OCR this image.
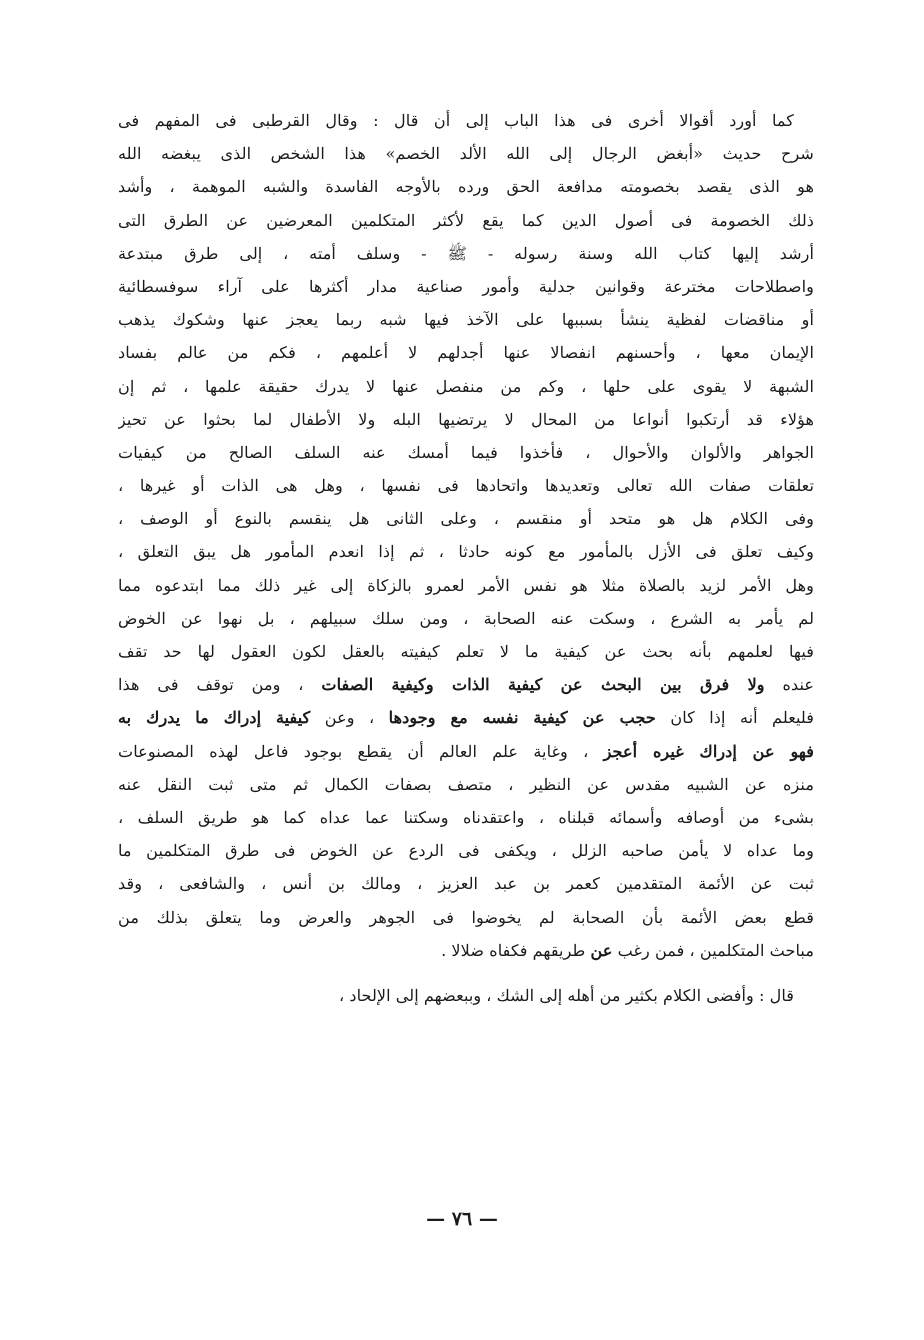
كما أورد أقوالا أخرى فى هذا الباب إلى أن قال : وقال القرطبى فى المفهم فى
شرح حديث «أبغض الرجال إلى الله الألد الخصم» هذا الشخص الذى يبغضه الله
هو الذى يقصد بخصومته مدافعة الحق ورده بالأوجه الفاسدة والشبه الموهمة ، وأشد
ذلك الخصومة فى أصول الدين كما يقع لأكثر المتكلمين المعرضين عن الطرق التى
أرشد إليها كتاب الله وسنة رسوله - ﷺ - وسلف أمته ، إلى طرق مبتدعة
واصطلاحات مخترعة وقوانين جدلية وأمور صناعية مدار أكثرها على آراء سوفسطائية
أو مناقضات لفظية ينشأ بسببها على الآخذ فيها شبه ربما يعجز عنها وشكوك يذهب
الإيمان معها ، وأحسنهم انفصالا عنها أجدلهم لا أعلمهم ، فكم من عالم بفساد
الشبهة لا يقوى على حلها ، وكم من منفصل عنها لا يدرك حقيقة علمها ، ثم إن
هؤلاء قد أرتكبوا أنواعا من المحال لا يرتضيها البله ولا الأطفال لما بحثوا عن تحيز
الجواهر والألوان والأحوال ، فأخذوا فيما أمسك عنه السلف الصالح من كيفيات
تعلقات صفات الله تعالى وتعديدها واتحادها فى نفسها ، وهل هى الذات أو غيرها ،
وفى الكلام هل هو متحد أو منقسم ، وعلى الثانى هل ينقسم بالنوع أو الوصف ،
وكيف تعلق فى الأزل بالمأمور مع كونه حادثا ، ثم إذا انعدم المأمور هل يبق التعلق ،
وهل الأمر لزيد بالصلاة مثلا هو نفس الأمر لعمرو بالزكاة إلى غير ذلك مما ابتدعوه مما
لم يأمر به الشرع ، وسكت عنه الصحابة ، ومن سلك سبيلهم ، بل نهوا عن الخوض
فيها لعلمهم بأنه بحث عن كيفية ما لا تعلم كيفيته بالعقل لكون العقول لها حد تقف
عنده ولا فرق بين البحث عن كيفية الذات وكيفية الصفات ، ومن توقف فى هذا
فليعلم أنه إذا كان حجب عن كيفية نفسه مع وجودها ، وعن كيفية إدراك ما يدرك به
فهو عن إدراك غيره أعجز ، وغاية علم العالم أن يقطع بوجود فاعل لهذه المصنوعات
منزه عن الشبيه مقدس عن النظير ، متصف بصفات الكمال ثم متى ثبت النقل عنه
بشىء من أوصافه وأسمائه قبلناه ، واعتقدناه وسكتنا عما عداه كما هو طريق السلف ،
وما عداه لا يأمن صاحبه الزلل ، ويكفى فى الردع عن الخوض فى طرق المتكلمين ما
ثبت عن الأئمة المتقدمين كعمر بن عبد العزيز ، ومالك بن أنس ، والشافعى ، وقد
قطع بعض الأئمة بأن الصحابة لم يخوضوا فى الجوهر والعرض وما يتعلق بذلك من
مباحث المتكلمين ، فمن رغب عن طريقهم فكفاه ضلالا .
قال : وأفضى الكلام بكثير من أهله إلى الشك ، وببعضهم إلى الإلحاد ،
— ٧٦ —
